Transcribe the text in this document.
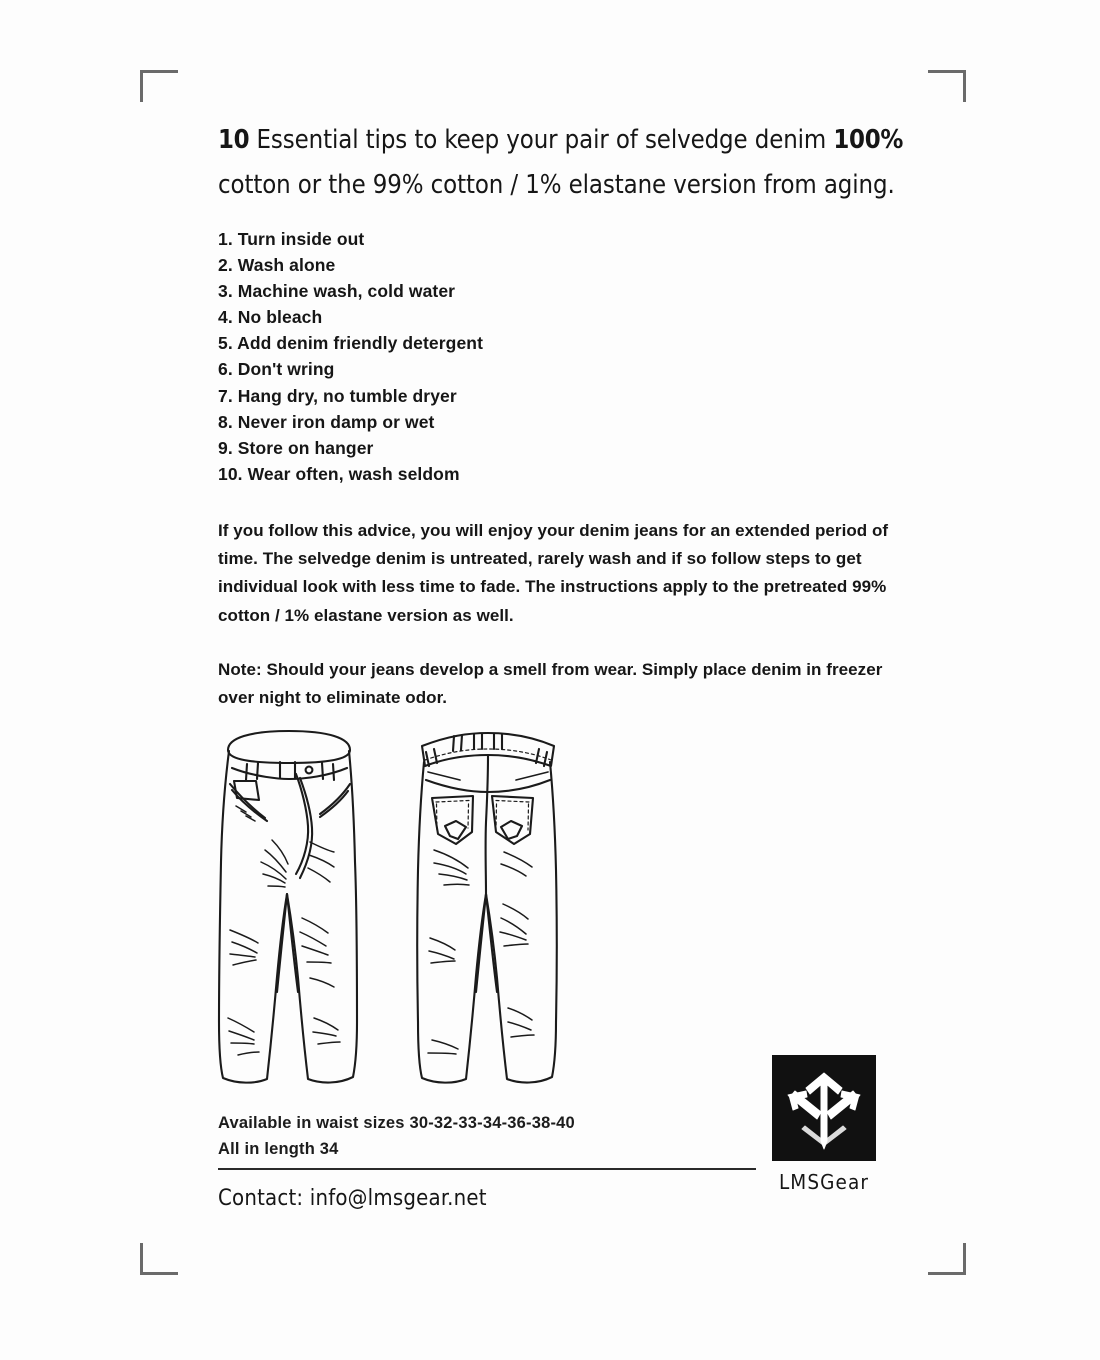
10 Essential tips to keep your pair of selvedge denim 100% cotton or the 99% cotton / 1% elastane version from aging.
1. Turn inside out
2. Wash alone
3. Machine wash, cold water
4. No bleach
5. Add denim friendly detergent
6. Don't wring
7. Hang dry, no tumble dryer
8. Never iron damp or wet
9. Store on hanger
10. Wear often, wash seldom

If you follow this advice, you will enjoy your denim jeans for an extended period of time. The selvedge denim is untreated, rarely wash and if so follow steps to get individual look with less time to fade. The instructions apply to the pretreated 99% cotton / 1% elastane version as well.

Note: Should your jeans develop a smell from wear. Simply place denim in freezer over night to eliminate odor.

Available in waist sizes 30-32-33-34-36-38-40
All in length 34
Contact: info@lmsgear.net
LMSGear
